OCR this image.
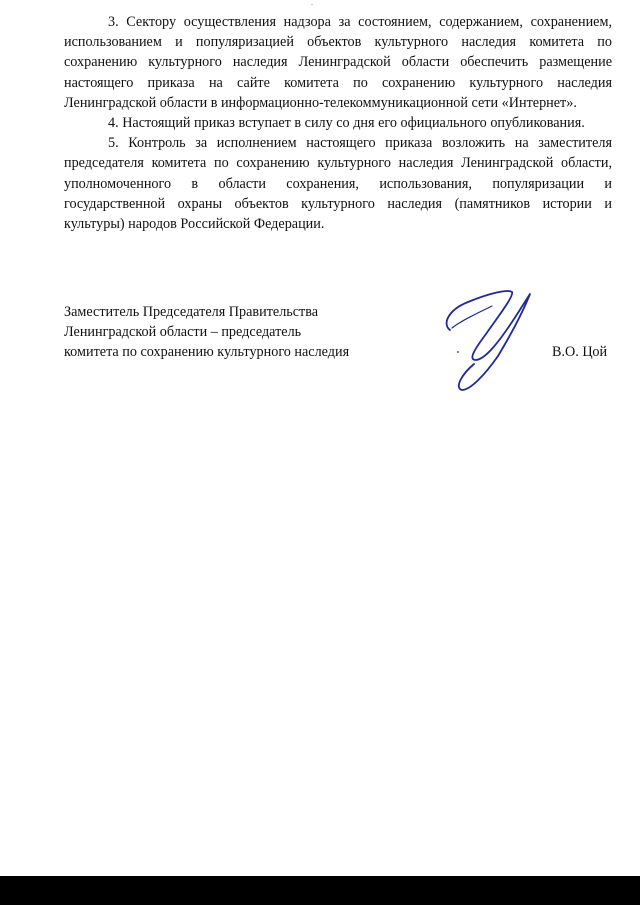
3. Сектору осуществления надзора за состоянием, содержанием, сохранением, использованием и популяризацией объектов культурного наследия комитета по сохранению культурного наследия Ленинградской области обеспечить размещение настоящего приказа на сайте комитета по сохранению культурного наследия Ленинградской области в информационно-телекоммуникационной сети «Интернет».

4. Настоящий приказ вступает в силу со дня его официального опубликования.

5. Контроль за исполнением настоящего приказа возложить на заместителя председателя комитета по сохранению культурного наследия Ленинградской области, уполномоченного в области сохранения, использования, популяризации и государственной охраны объектов культурного наследия (памятников истории и культуры) народов Российской Федерации.

Заместитель Председателя Правительства
Ленинградской области – председатель
комитета по сохранению культурного наследия	В.О. Цой
